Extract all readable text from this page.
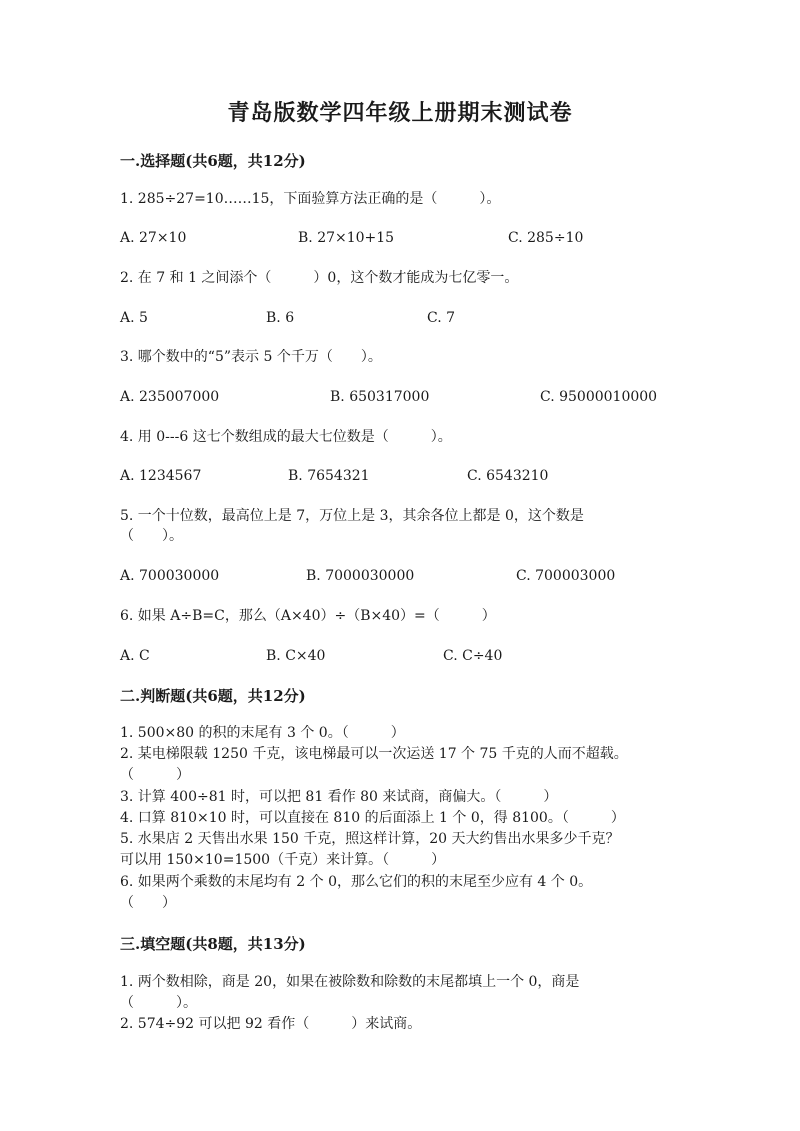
青岛版数学四年级上册期末测试卷
一.选择题(共6题，共12分)
1. 285÷27=10……15，下面验算方法正确的是（　　　）。
A. 27×10	B. 27×10+15	C. 285÷10
2. 在 7 和 1 之间添个（　　　）0，这个数才能成为七亿零一。
A. 5	B. 6	C. 7
3. 哪个数中的“5”表示 5 个千万（　　）。
A. 235007000	B. 650317000	C. 95000010000
4. 用 0---6 这七个数组成的最大七位数是（　　　）。
A. 1234567	B. 7654321	C. 6543210
5. 一个十位数，最高位上是 7，万位上是 3，其余各位上都是 0，这个数是
（　　）。
A. 700030000	B. 7000030000	C. 700003000
6. 如果 A÷B=C，那么（A×40）÷（B×40）=（　　　）
A. C	B. C×40	C. C÷40
二.判断题(共6题，共12分)
1. 500×80 的积的末尾有 3 个 0。（　　　）
2. 某电梯限载 1250 千克，该电梯最可以一次运送 17 个 75 千克的人而不超载。
（　　　）
3. 计算 400÷81 时，可以把 81 看作 80 来试商，商偏大。（　　　）
4. 口算 810×10 时，可以直接在 810 的后面添上 1 个 0，得 8100。（　　　）
5. 水果店 2 天售出水果 150 千克，照这样计算，20 天大约售出水果多少千克？
可以用 150×10=1500（千克）来计算。（　　　）
6. 如果两个乘数的末尾均有 2 个 0，那么它们的积的末尾至少应有 4 个 0。
（　　）
三.填空题(共8题，共13分)
1. 两个数相除，商是 20，如果在被除数和除数的末尾都填上一个 0，商是
（　　　）。
2. 574÷92 可以把 92 看作（　　　）来试商。
